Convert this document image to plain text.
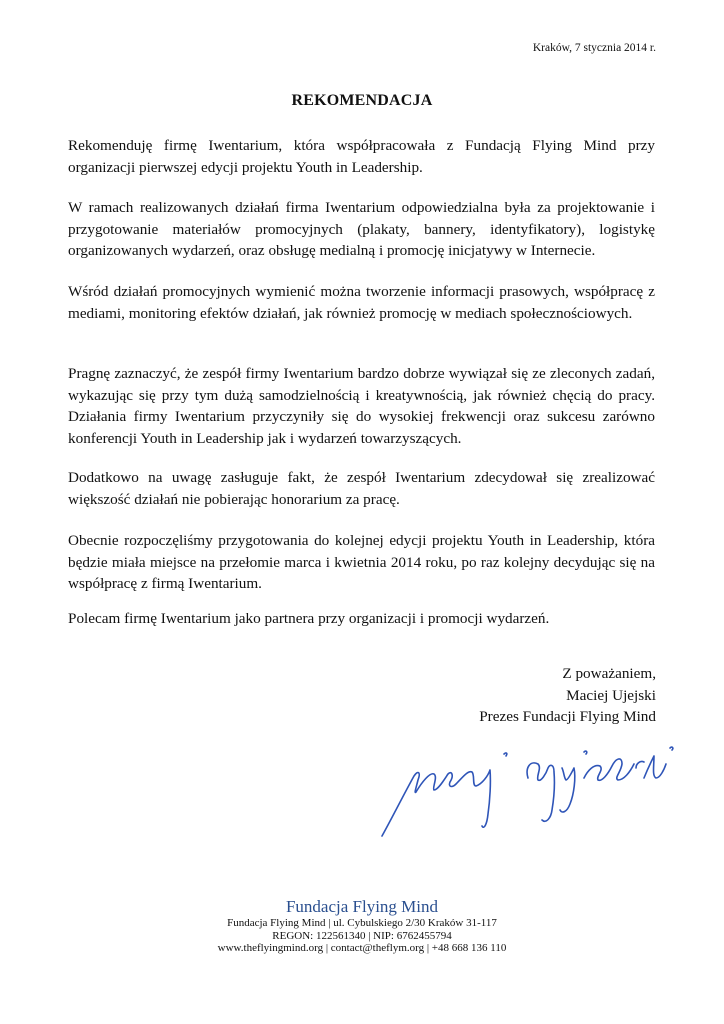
Kraków, 7 stycznia 2014 r.
REKOMENDACJA

Rekomenduję firmę Iwentarium, która współpracowała z Fundacją Flying Mind przy organizacji pierwszej edycji projektu Youth in Leadership.

W ramach realizowanych działań firma Iwentarium odpowiedzialna była za projektowanie i przygotowanie materiałów promocyjnych (plakaty, bannery, identyfikatory), logistykę organizowanych wydarzeń, oraz obsługę medialną i promocję inicjatywy w Internecie.

Wśród działań promocyjnych wymienić można tworzenie informacji prasowych, współpracę z mediami, monitoring efektów działań, jak również promocję w mediach społecznościowych.

Pragnę zaznaczyć, że zespół firmy Iwentarium bardzo dobrze wywiązał się ze zleconych zadań, wykazując się przy tym dużą samodzielnością i kreatywnością, jak również chęcią do pracy. Działania firmy Iwentarium przyczyniły się do wysokiej frekwencji oraz sukcesu zarówno konferencji Youth in Leadership jak i wydarzeń towarzyszących.

Dodatkowo na uwagę zasługuje fakt, że zespół Iwentarium zdecydował się zrealizować większość działań nie pobierając honorarium za pracę.

Obecnie rozpoczęliśmy przygotowania do kolejnej edycji projektu Youth in Leadership, która będzie miała miejsce na przełomie marca i kwietnia 2014 roku, po raz kolejny decydując się na współpracę z firmą Iwentarium.

Polecam firmę Iwentarium jako partnera przy organizacji i promocji wydarzeń.

Z poważaniem,
Maciej Ujejski
Prezes Fundacji Flying Mind
Fundacja Flying Mind
Fundacja Flying Mind | ul. Cybulskiego 2/30 Kraków 31-117
REGON: 122561340 | NIP: 6762455794
www.theflyingmind.org | contact@theflym.org | +48 668 136 110
